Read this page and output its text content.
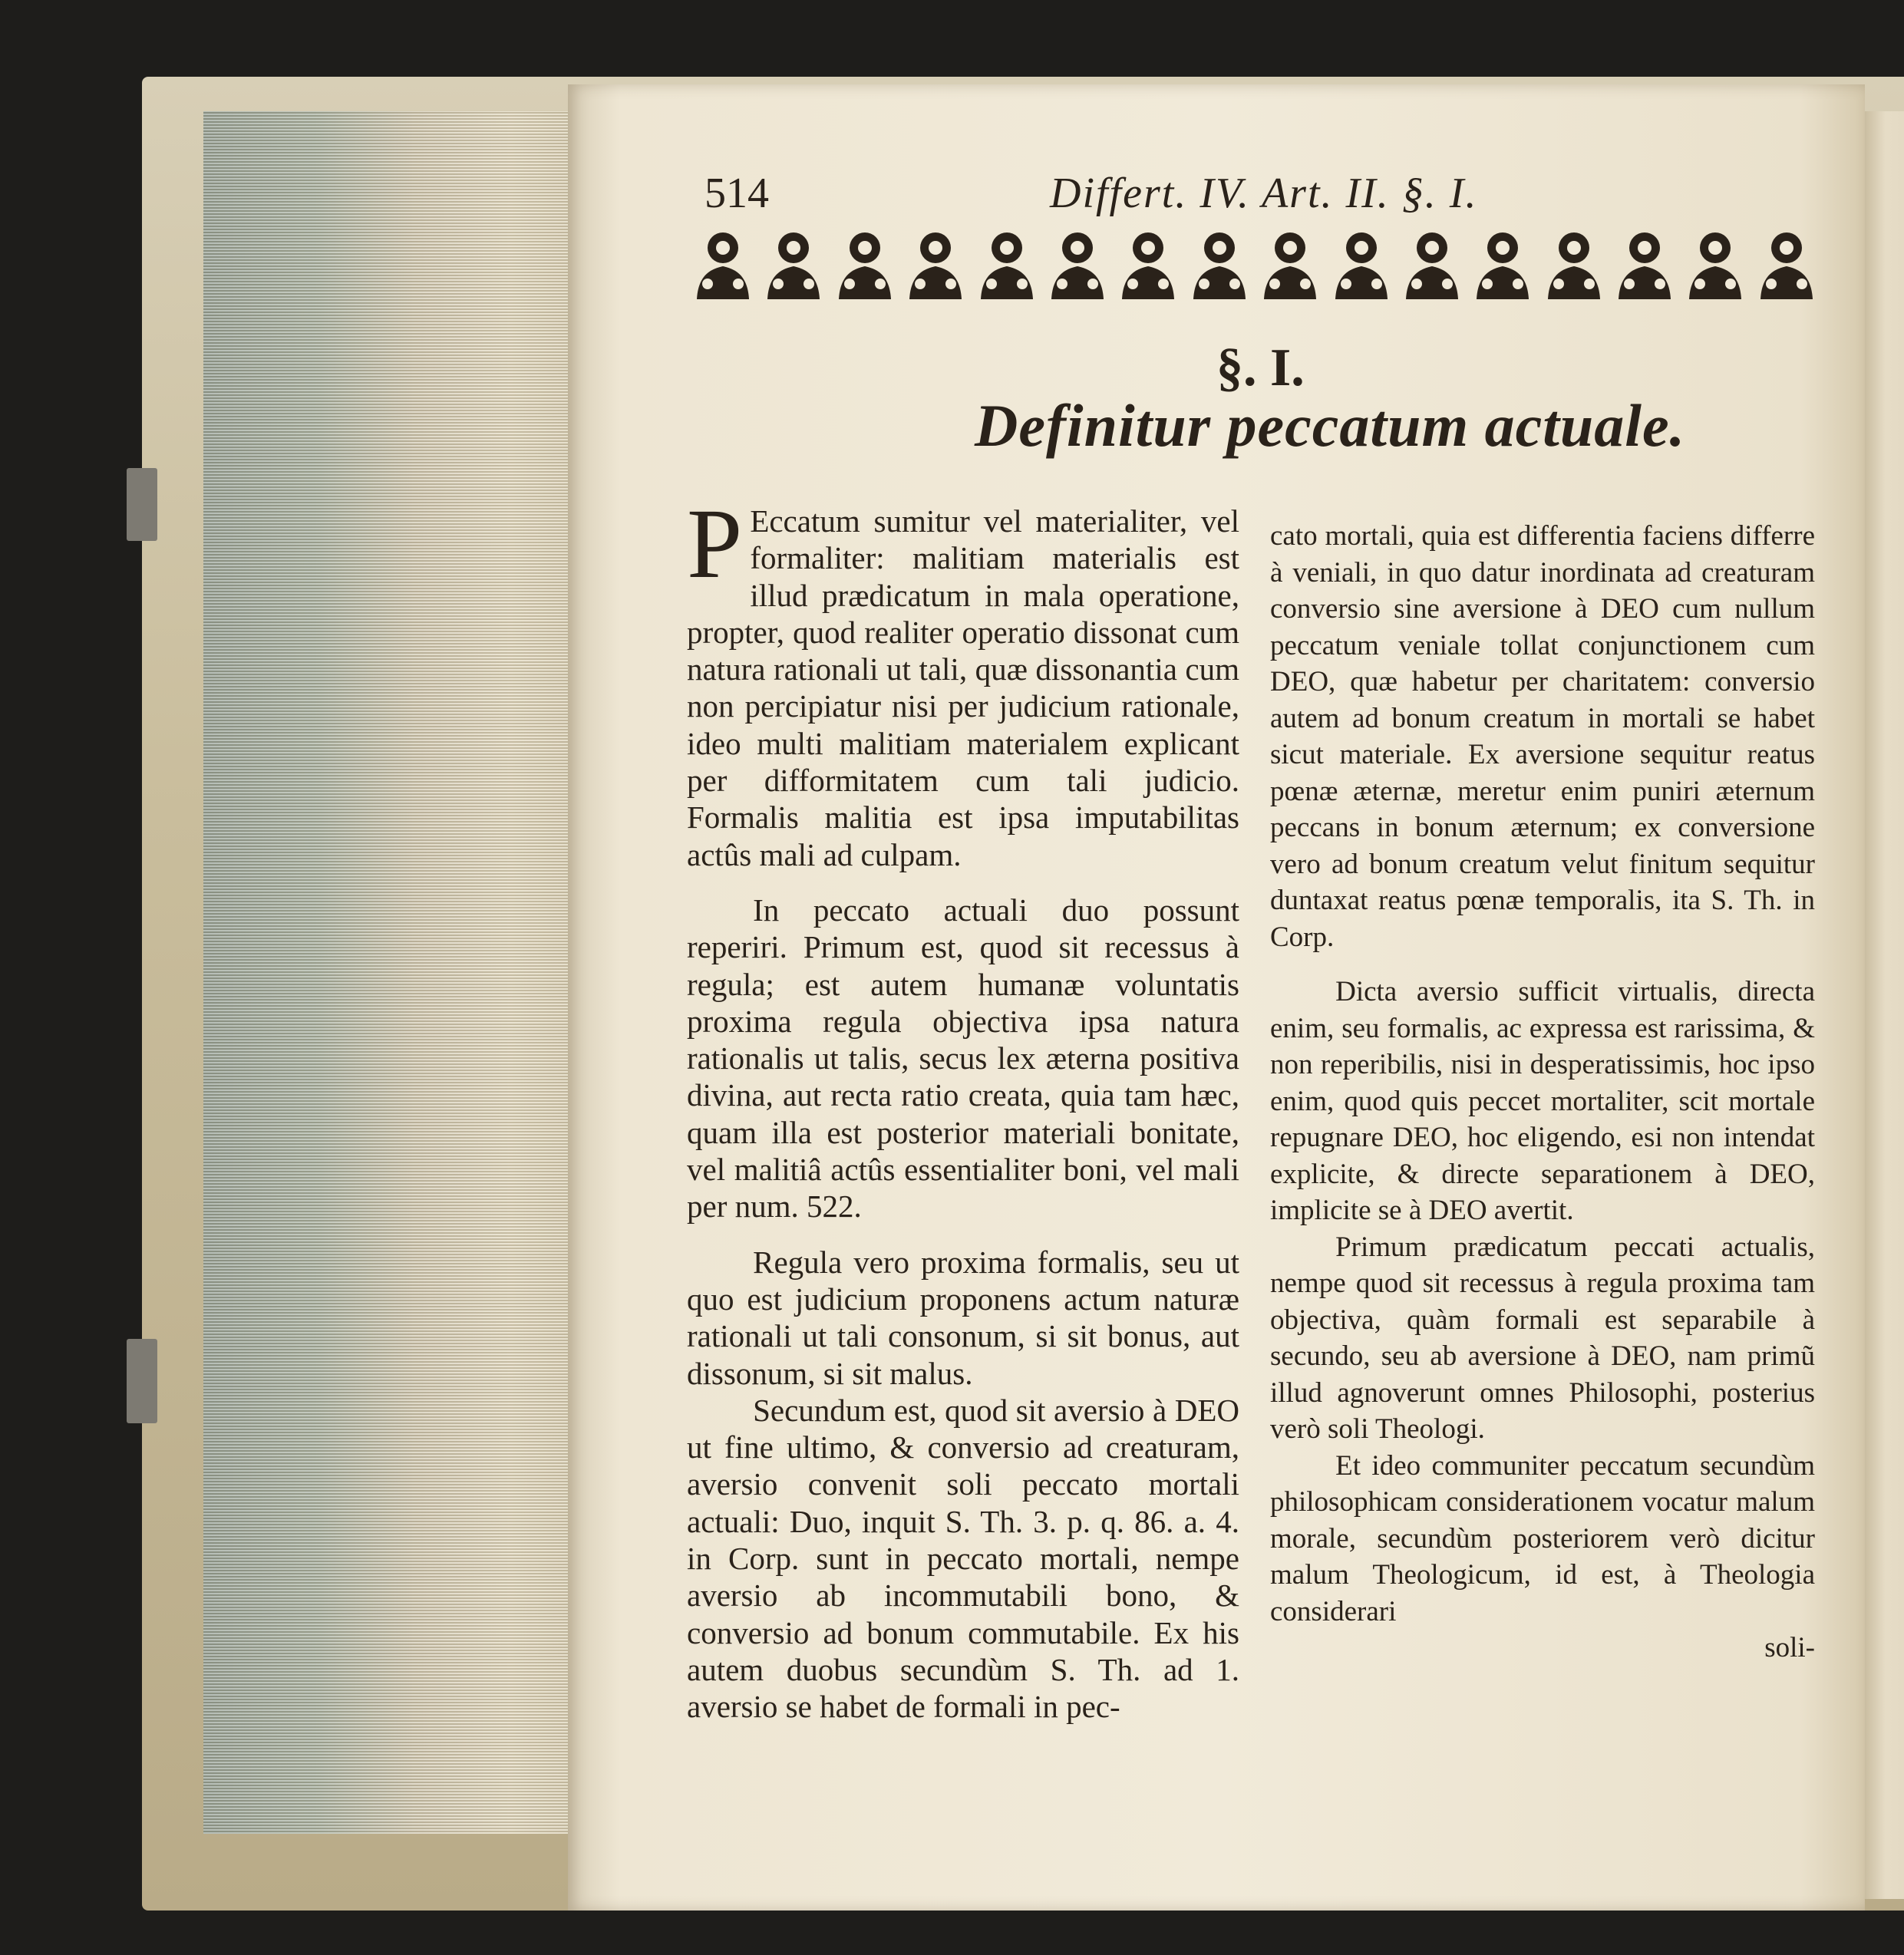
514	Differt. IV. Art. II. §. I.
§. I.
Definitur peccatum actuale.

P Eccatum sumitur vel materialiter, vel formaliter: malitiam materialis est illud prædicatum in mala operatione, propter, quod realiter operatio dissonat cum natura rationali ut tali, quæ dissonantia cum non percipiatur nisi per judicium rationale, ideo multi malitiam materialem explicant per difformitatem cum tali judicio. Formalis malitia est ipsa imputabilitas actûs mali ad culpam.

In peccato actuali duo possunt reperiri. Primum est, quod sit recessus à regula; est autem humanæ voluntatis proxima regula objectiva ipsa natura rationalis ut talis, secus lex æterna positiva divina, aut recta ratio creata, quia tam hæc, quam illa est posterior materiali bonitate, vel malitiâ actûs essentialiter boni, vel mali per num. 522.

Regula vero proxima formalis, seu ut quo est judicium proponens actum naturæ rationali ut tali consonum, si sit bonus, aut dissonum, si sit malus.

Secundum est, quod sit aversio à DEO ut fine ultimo, & conversio ad creaturam, aversio convenit soli peccato mortali actuali: Duo, inquit S. Th. 3. p. q. 86. a. 4. in Corp. sunt in peccato mortali, nempe aversio ab incommutabili bono, & conversio ad bonum commutabile. Ex his autem duobus secundùm S. Th. ad 1. aversio se habet de formali in pec-

cato mortali, quia est differentia faciens differre à veniali, in quo datur inordinata ad creaturam conversio sine aversione à DEO cum nullum peccatum veniale tollat conjunctionem cum DEO, quæ habetur per charitatem: conversio autem ad bonum creatum in mortali se habet sicut materiale. Ex aversione sequitur reatus pœnæ æternæ, meretur enim puniri æternum peccans in bonum æternum; ex conversione vero ad bonum creatum velut finitum sequitur duntaxat reatus pœnæ temporalis, ita S. Th. in Corp.

Dicta aversio sufficit virtualis, directa enim, seu formalis, ac expressa est rarissima, & non reperibilis, nisi in desperatissimis, hoc ipso enim, quod quis peccet mortaliter, scit mortale repugnare DEO, hoc eligendo, esi non intendat explicite, & directe separationem à DEO, implicite se à DEO avertit.

Primum prædicatum peccati actualis, nempe quod sit recessus à regula proxima tam objectiva, quàm formali est separabile à secundo, seu ab aversione à DEO, nam primũ illud agnoverunt omnes Philosophi, posterius verò soli Theologi.

Et ideo communiter peccatum secundùm philosophicam considerationem vocatur malum morale, secundùm posteriorem verò dicitur malum Theologicum, id est, à Theologia considerari

soli-
